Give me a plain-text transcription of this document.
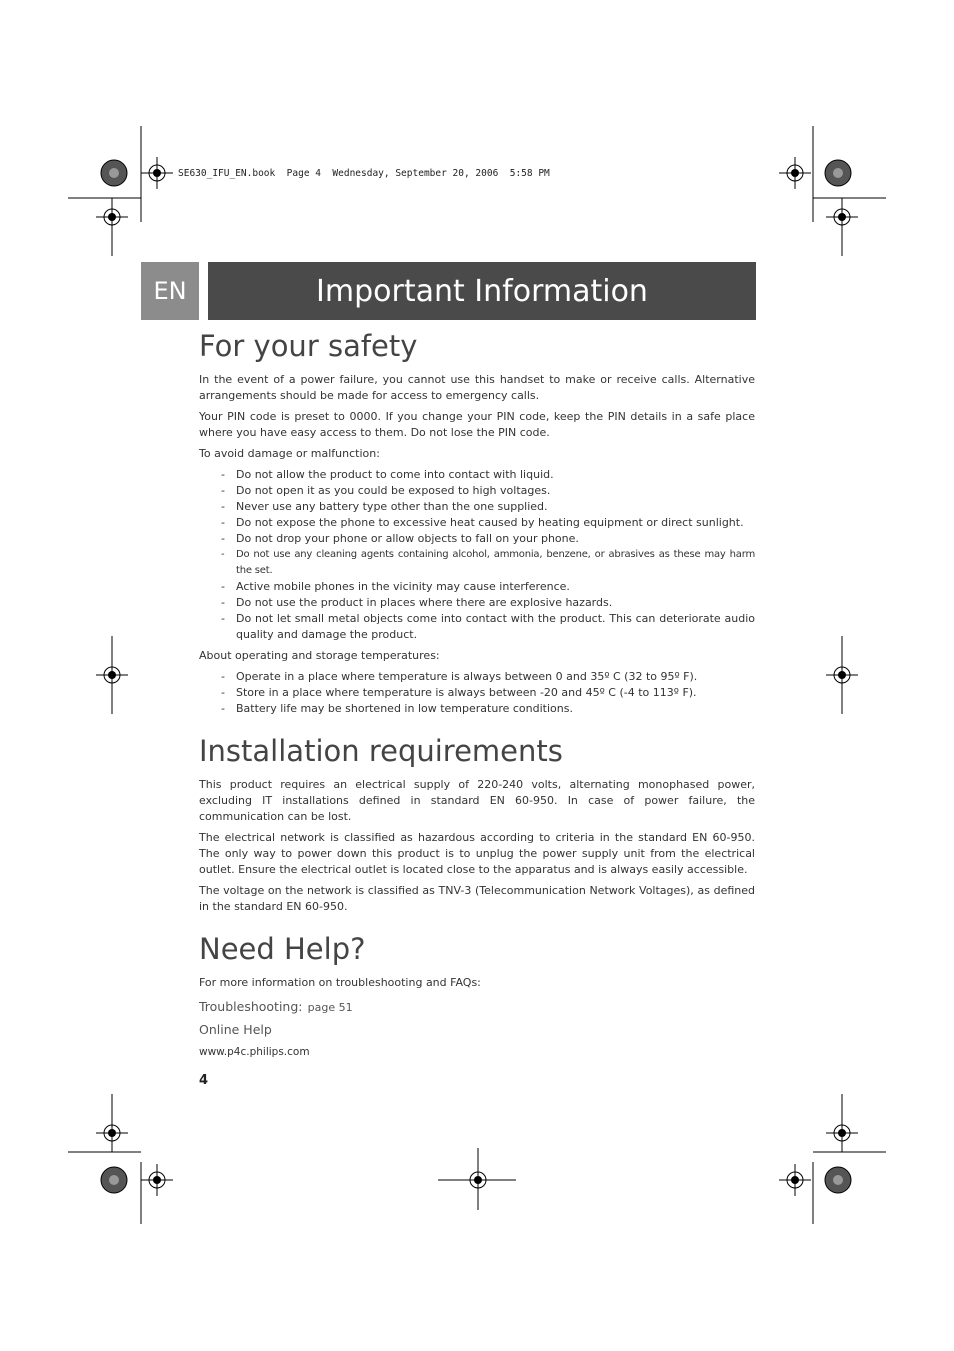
SE630_IFU_EN.book  Page 4  Wednesday, September 20, 2006  5:58 PM
EN	Important Information
For your safety

In the event of a power failure, you cannot use this handset to make or receive calls. Alternative arrangements should be made for access to emergency calls.

Your PIN code is preset to 0000. If you change your PIN code, keep the PIN details in a safe place where you have easy access to them. Do not lose the PIN code.

To avoid damage or malfunction:

- Do not allow the product to come into contact with liquid.
- Do not open it as you could be exposed to high voltages.
- Never use any battery type other than the one supplied.
- Do not expose the phone to excessive heat caused by heating equipment or direct sunlight.
- Do not drop your phone or allow objects to fall on your phone.
- Do not use any cleaning agents containing alcohol, ammonia, benzene, or abrasives as these may harm the set.
- Active mobile phones in the vicinity may cause interference.
- Do not use the product in places where there are explosive hazards.
- Do not let small metal objects come into contact with the product. This can deteriorate audio quality and damage the product.

About operating and storage temperatures:

- Operate in a place where temperature is always between 0 and 35º C (32 to 95º F).
- Store in a place where temperature is always between -20 and 45º C (-4 to 113º F).
- Battery life may be shortened in low temperature conditions.
Installation requirements

This product requires an electrical supply of 220-240 volts, alternating monophased power, excluding IT installations defined in standard EN 60-950. In case of power failure, the communication can be lost.

The electrical network is classified as hazardous according to criteria in the standard EN 60-950. The only way to power down this product is to unplug the power supply unit from the electrical outlet. Ensure the electrical outlet is located close to the apparatus and is always easily accessible.

The voltage on the network is classified as TNV-3 (Telecommunication Network Voltages), as defined in the standard EN 60-950.

Need Help?

For more information on troubleshooting and FAQs:

Troubleshooting: page 51
Online Help

www.p4c.philips.com

4
